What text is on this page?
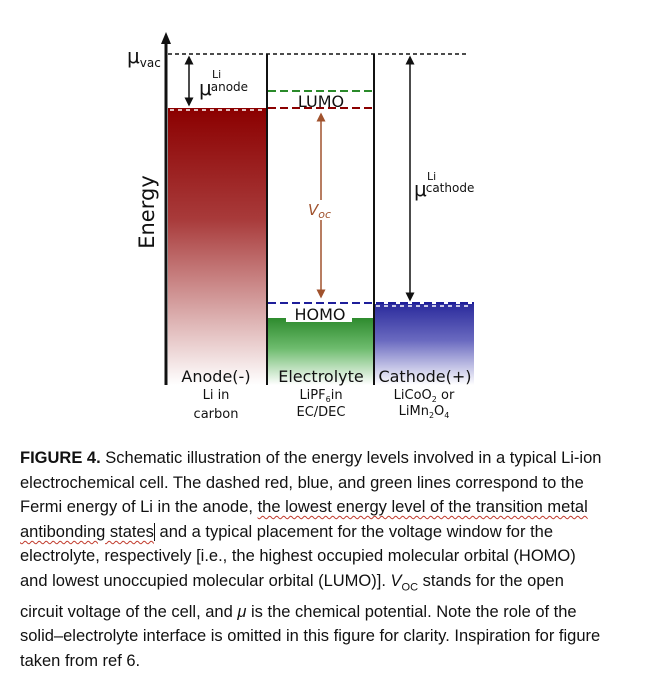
Energy
$\mu_{vac}$
LUMO
HOMO
μanode
Li
$V_{oc}$
μcathode
Li
Anode(-)
Li in
carbon
Electrolyte
LiPF$_6$in
EC/DEC
Cathode(+)
LiCoO$_2$ or
$LiMn_2O_4$
FIGURE 4. Schematic illustration of the energy levels involved in a typical Li-ion electrochemical cell. The dashed red, blue, and green lines correspond to the Fermi energy of Li in the anode, the lowest energy level of the transition metal antibonding states and a typical placement for the voltage window for the electrolyte, respectively [i.e., the highest occupied molecular orbital (HOMO) and lowest unoccupied molecular orbital (LUMO)]. $V_{OC}$ stands for the open circuit voltage of the cell, and μ is the chemical potential. Note the role of the solid–electrolyte interface is omitted in this figure for clarity. Inspiration for figure taken from ref 6.
